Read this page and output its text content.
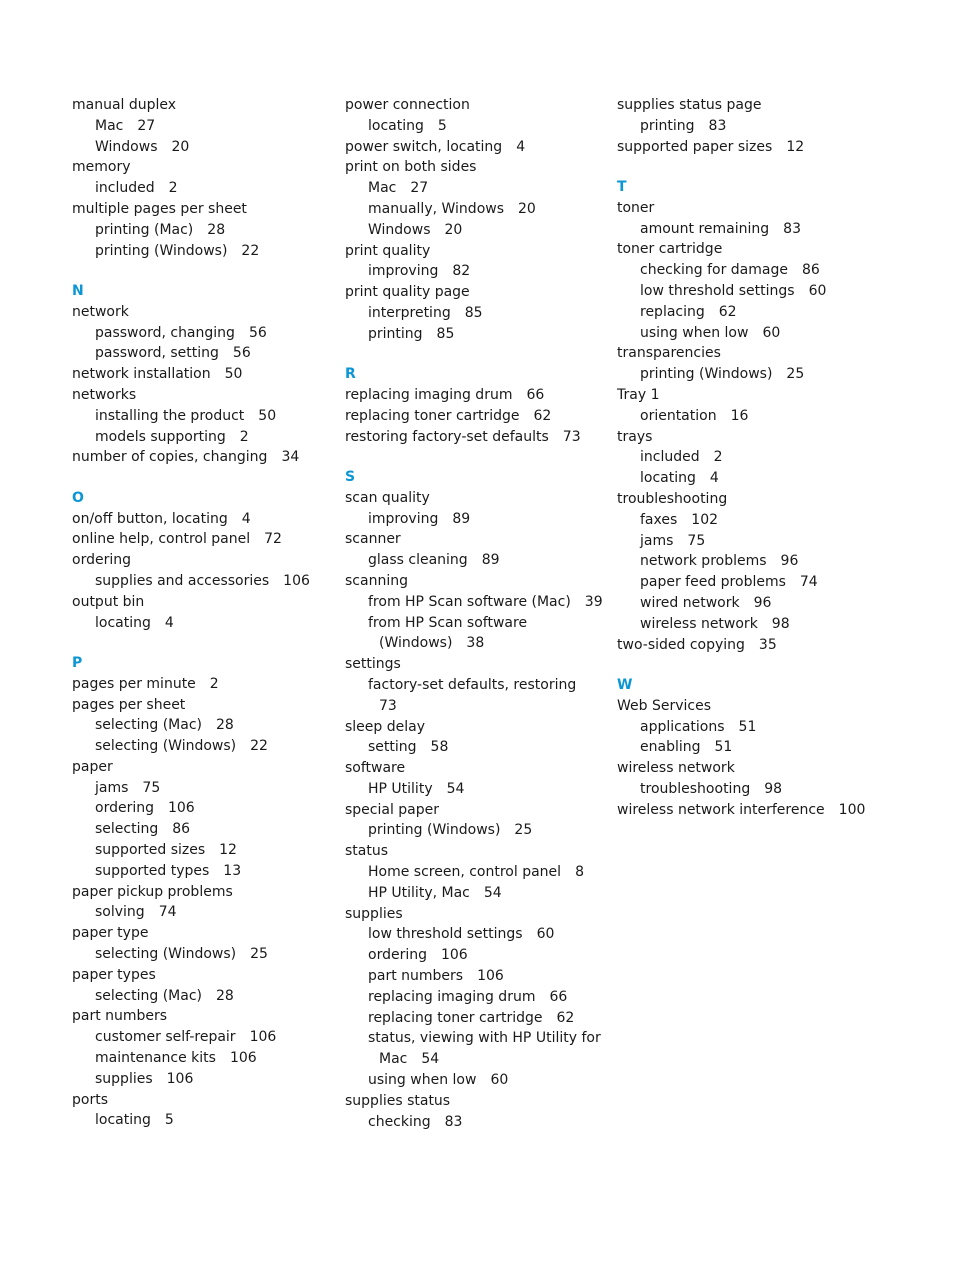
manual duplex
Mac 27
Windows 20
memory
included 2
multiple pages per sheet
printing (Mac) 28
printing (Windows) 22
N
network
password, changing 56
password, setting 56
network installation 50
networks
installing the product 50
models supporting 2
number of copies, changing 34
O
on/off button, locating 4
online help, control panel 72
ordering
supplies and accessories 106
output bin
locating 4
P
pages per minute 2
pages per sheet
selecting (Mac) 28
selecting (Windows) 22
paper
jams 75
ordering 106
selecting 86
supported sizes 12
supported types 13
paper pickup problems
solving 74
paper type
selecting (Windows) 25
paper types
selecting (Mac) 28
part numbers
customer self-repair 106
maintenance kits 106
supplies 106
ports
locating 5
power connection
locating 5
power switch, locating 4
print on both sides
Mac 27
manually, Windows 20
Windows 20
print quality
improving 82
print quality page
interpreting 85
printing 85
R
replacing imaging drum 66
replacing toner cartridge 62
restoring factory-set defaults 73
S
scan quality
improving 89
scanner
glass cleaning 89
scanning
from HP Scan software (Mac) 39
from HP Scan software
(Windows) 38
settings
factory-set defaults, restoring
73
sleep delay
setting 58
software
HP Utility 54
special paper
printing (Windows) 25
status
Home screen, control panel 8
HP Utility, Mac 54
supplies
low threshold settings 60
ordering 106
part numbers 106
replacing imaging drum 66
replacing toner cartridge 62
status, viewing with HP Utility for
Mac 54
using when low 60
supplies status
checking 83
supplies status page
printing 83
supported paper sizes 12
T
toner
amount remaining 83
toner cartridge
checking for damage 86
low threshold settings 60
replacing 62
using when low 60
transparencies
printing (Windows) 25
Tray 1
orientation 16
trays
included 2
locating 4
troubleshooting
faxes 102
jams 75
network problems 96
paper feed problems 74
wired network 96
wireless network 98
two-sided copying 35
W
Web Services
applications 51
enabling 51
wireless network
troubleshooting 98
wireless network interference 100
